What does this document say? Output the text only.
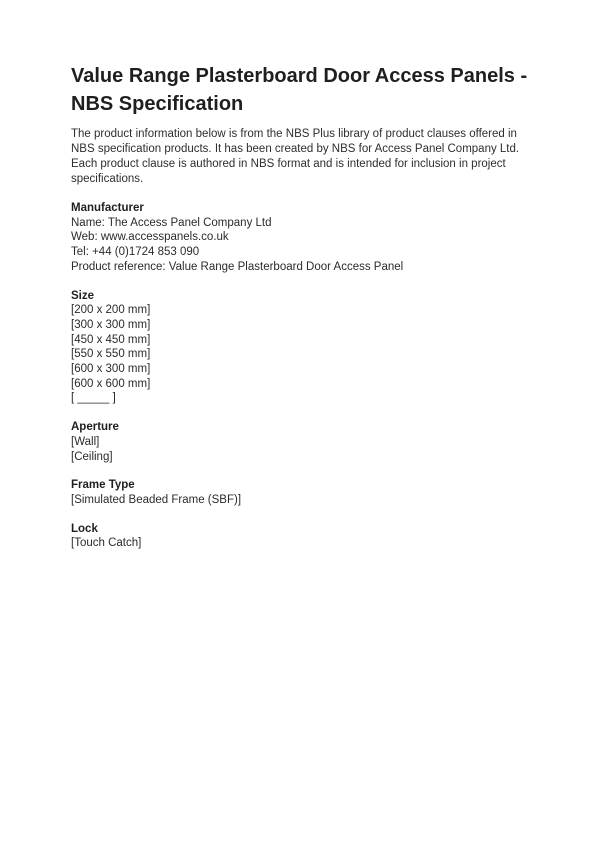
Value Range Plasterboard Door Access Panels -
NBS Specification

The product information below is from the NBS Plus library of product clauses offered in NBS specification products. It has been created by NBS for Access Panel Company Ltd. Each product clause is authored in NBS format and is intended for inclusion in project specifications.

Manufacturer
Name: The Access Panel Company Ltd
Web: www.accesspanels.co.uk
Tel: +44 (0)1724 853 090
Product reference: Value Range Plasterboard Door Access Panel
Size
[200 x 200 mm]
[300 x 300 mm]
[450 x 450 mm]
[550 x 550 mm]
[600 x 300 mm]
[600 x 600 mm]
[ _____ ]
Aperture
[Wall]
[Ceiling]
Frame Type
[Simulated Beaded Frame (SBF)]
Lock
[Touch Catch]
